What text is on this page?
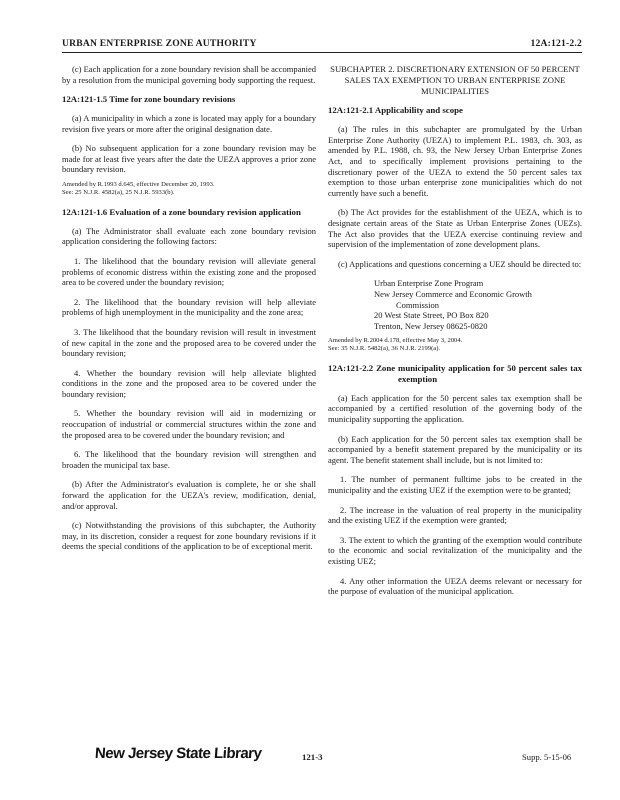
URBAN ENTERPRISE ZONE AUTHORITY	12A:121-2.2

(c) Each application for a zone boundary revision shall be accompanied by a resolution from the municipal governing body supporting the request.

12A:121-1.5 Time for zone boundary revisions

(a) A municipality in which a zone is located may apply for a boundary revision five years or more after the original designation date.

(b) No subsequent application for a zone boundary revision may be made for at least five years after the date the UEZA approves a prior zone boundary revision.

Amended by R.1993 d.645, effective December 20, 1993.
See: 25 N.J.R. 4582(a), 25 N.J.R. 5933(b).
12A:121-1.6 Evaluation of a zone boundary revision application

(a) The Administrator shall evaluate each zone boundary revision application considering the following factors:

1. The likelihood that the boundary revision will alleviate general problems of economic distress within the existing zone and the proposed area to be covered under the boundary revision;

2. The likelihood that the boundary revision will help alleviate problems of high unemployment in the municipality and the zone area;

3. The likelihood that the boundary revision will result in investment of new capital in the zone and the proposed area to be covered under the boundary revision;

4. Whether the boundary revision will help alleviate blighted conditions in the zone and the proposed area to be covered under the boundary revision;

5. Whether the boundary revision will aid in modernizing or reoccupation of industrial or commercial structures within the zone and the proposed area to be covered under the boundary revision; and

6. The likelihood that the boundary revision will strengthen and broaden the municipal tax base.

(b) After the Administrator's evaluation is complete, he or she shall forward the application for the UEZA's review, modification, denial, and/or approval.

(c) Notwithstanding the provisions of this subchapter, the Authority may, in its discretion, consider a request for zone boundary revisions if it deems the special conditions of the application to be of exceptional merit.

SUBCHAPTER 2. DISCRETIONARY EXTENSION OF 50 PERCENT SALES TAX EXEMPTION TO URBAN ENTERPRISE ZONE MUNICIPALITIES
12A:121-2.1 Applicability and scope

(a) The rules in this subchapter are promulgated by the Urban Enterprise Zone Authority (UEZA) to implement P.L. 1983, ch. 303, as amended by P.L. 1988, ch. 93, the New Jersey Urban Enterprise Zones Act, and to specifically implement provisions pertaining to the discretionary power of the UEZA to extend the 50 percent sales tax exemption to those urban enterprise zone municipalities which do not currently have such a benefit.

(b) The Act provides for the establishment of the UEZA, which is to designate certain areas of the State as Urban Enterprise Zones (UEZs). The Act also provides that the UEZA exercise continuing review and supervision of the implementation of zone development plans.

(c) Applications and questions concerning a UEZ should be directed to:

Urban Enterprise Zone Program
New Jersey Commerce and Economic Growth
Commission
20 West State Street, PO Box 820
Trenton, New Jersey 08625-0820
Amended by R.2004 d.178, effective May 3, 2004.
See: 35 N.J.R. 5482(a), 36 N.J.R. 2199(a).
12A:121-2.2 Zone municipality application for 50 percent sales tax exemption

(a) Each application for the 50 percent sales tax exemption shall be accompanied by a certified resolution of the governing body of the municipality supporting the application.

(b) Each application for the 50 percent sales tax exemption shall be accompanied by a benefit statement prepared by the municipality or its agent. The benefit statement shall include, but is not limited to:

1. The number of permanent fulltime jobs to be created in the municipality and the existing UEZ if the exemption were to be granted;

2. The increase in the valuation of real property in the municipality and the existing UEZ if the exemption were granted;

3. The extent to which the granting of the exemption would contribute to the economic and social revitalization of the municipality and the existing UEZ;

4. Any other information the UEZA deems relevant or necessary for the purpose of evaluation of the municipal application.

New Jersey State Library	121-3	Supp. 5-15-06
